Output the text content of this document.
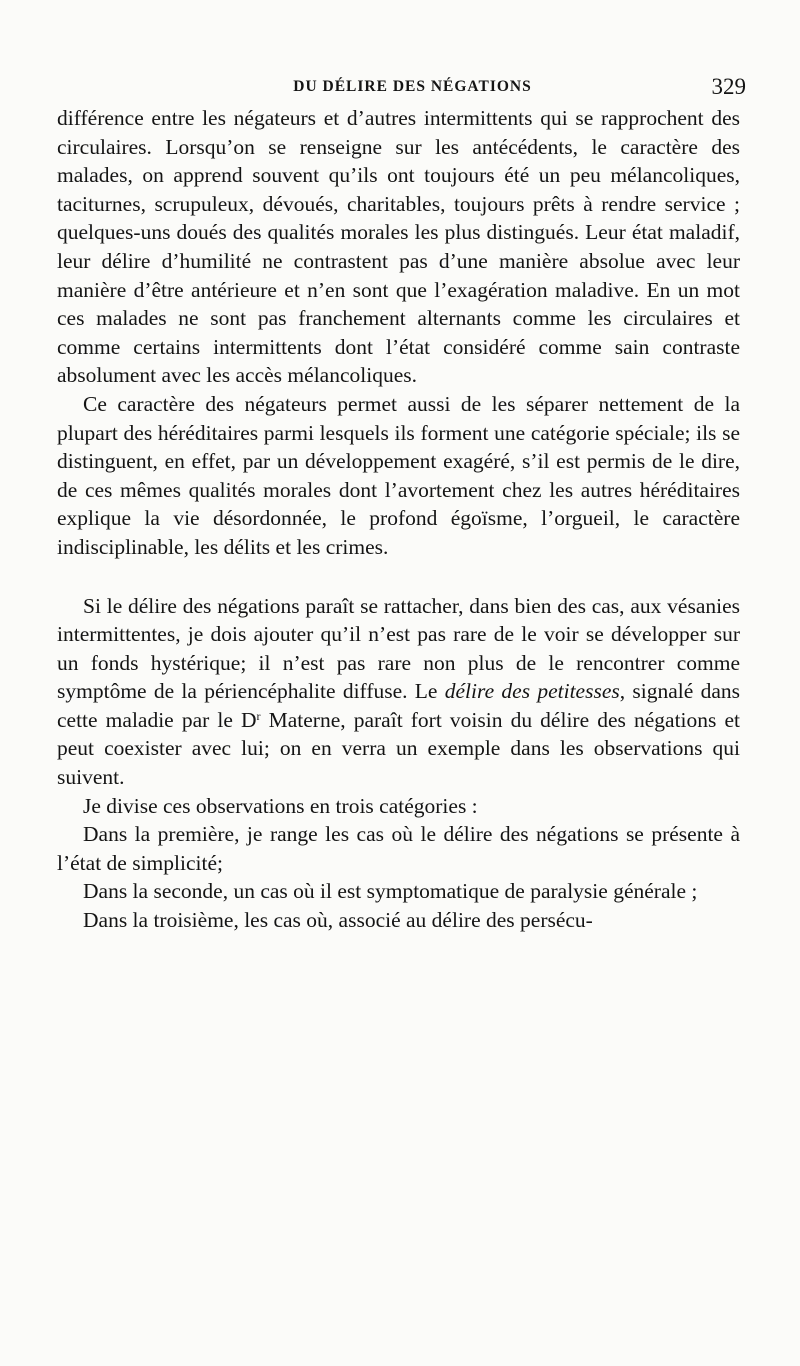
DU DÉLIRE DES NÉGATIONS	329

différence entre les négateurs et d’autres intermittents qui se rapprochent des circulaires. Lorsqu’on se renseigne sur les antécédents, le caractère des malades, on apprend souvent qu’ils ont toujours été un peu mélancoliques, taciturnes, scrupuleux, dévoués, charitables, toujours prêts à rendre service ; quelques-uns doués des qualités morales les plus distingués. Leur état maladif, leur délire d’humilité ne contrastent pas d’une manière absolue avec leur manière d’être antérieure et n’en sont que l’exagération maladive. En un mot ces malades ne sont pas franchement alternants comme les circulaires et comme certains intermittents dont l’état considéré comme sain contraste absolument avec les accès mélancoliques.

Ce caractère des négateurs permet aussi de les séparer nettement de la plupart des héréditaires parmi lesquels ils forment une catégorie spéciale; ils se distinguent, en effet, par un développement exagéré, s’il est permis de le dire, de ces mêmes qualités morales dont l’avortement chez les autres héréditaires explique la vie désordonnée, le profond égoïsme, l’orgueil, le caractère indisciplinable, les délits et les crimes.

Si le délire des négations paraît se rattacher, dans bien des cas, aux vésanies intermittentes, je dois ajouter qu’il n’est pas rare de le voir se développer sur un fonds hystérique; il n’est pas rare non plus de le rencontrer comme symptôme de la périencéphalite diffuse. Le délire des petitesses, signalé dans cette maladie par le $D^r$ Materne, paraît fort voisin du délire des négations et peut coexister avec lui; on en verra un exemple dans les observations qui suivent.

Je divise ces observations en trois catégories :

Dans la première, je range les cas où le délire des négations se présente à l’état de simplicité;

Dans la seconde, un cas où il est symptomatique de paralysie générale ;

Dans la troisième, les cas où, associé au délire des persécu-
